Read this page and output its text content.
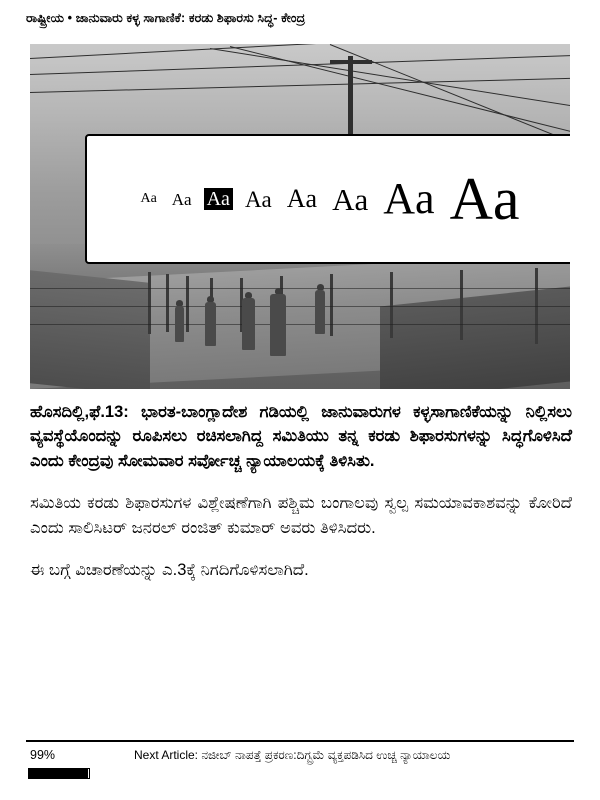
ರಾಷ್ಟ್ರೀಯ • ಜಾನುವಾರು ಕಳ್ಳ ಸಾಗಾಣಿಕೆ: ಕರಡು ಶಿಫಾರಸು ಸಿದ್ಧ- ಕೇಂದ್ರ
Aa Aa Aa Aa Aa Aa Aa Aa

ಹೊಸದಿಲ್ಲಿ,ಫೆ.13: ಭಾರತ-ಬಾಂಗ್ಲಾದೇಶ ಗಡಿಯಲ್ಲಿ ಜಾನುವಾರುಗಳ ಕಳ್ಳಸಾಗಾಣಿಕೆಯನ್ನು ನಿಲ್ಲಿಸಲು ವ್ಯವಸ್ಥೆಯೊಂದನ್ನು ರೂಪಿಸಲು ರಚಿಸಲಾಗಿದ್ದ ಸಮಿತಿಯು ತನ್ನ ಕರಡು ಶಿಫಾರಸುಗಳನ್ನು ಸಿದ್ಧಗೊಳಿಸಿದೆ ಎಂದು ಕೇಂದ್ರವು ಸೋಮವಾರ ಸರ್ವೋಚ್ಚ ನ್ಯಾಯಾಲಯಕ್ಕೆ ತಿಳಿಸಿತು.

ಸಮಿತಿಯ ಕರಡು ಶಿಫಾರಸುಗಳ ವಿಶ್ಲೇಷಣೆಗಾಗಿ ಪಶ್ಚಿಮ ಬಂಗಾಲವು ಸ್ವಲ್ಪ ಸಮಯಾವಕಾಶವನ್ನು ಕೋರಿದೆ ಎಂದು ಸಾಲಿಸಿಟರ್ ಜನರಲ್ ರಂಜಿತ್ ಕುಮಾರ್ ಅವರು ತಿಳಿಸಿದರು.

ಈ ಬಗ್ಗೆ ವಿಚಾರಣೆಯನ್ನು ಎ.3ಕ್ಕೆ ನಿಗದಿಗೊಳಿಸಲಾಗಿದೆ.

99%	Next Article: ನಜೀಬ್ ನಾಪತ್ತೆ ಪ್ರಕರಣ:ದಿಗ್ಬ್ರಮೆ ವ್ಯಕ್ತಪಡಿಸಿದ ಉಚ್ಚ ನ್ಯಾಯಾಲಯ
